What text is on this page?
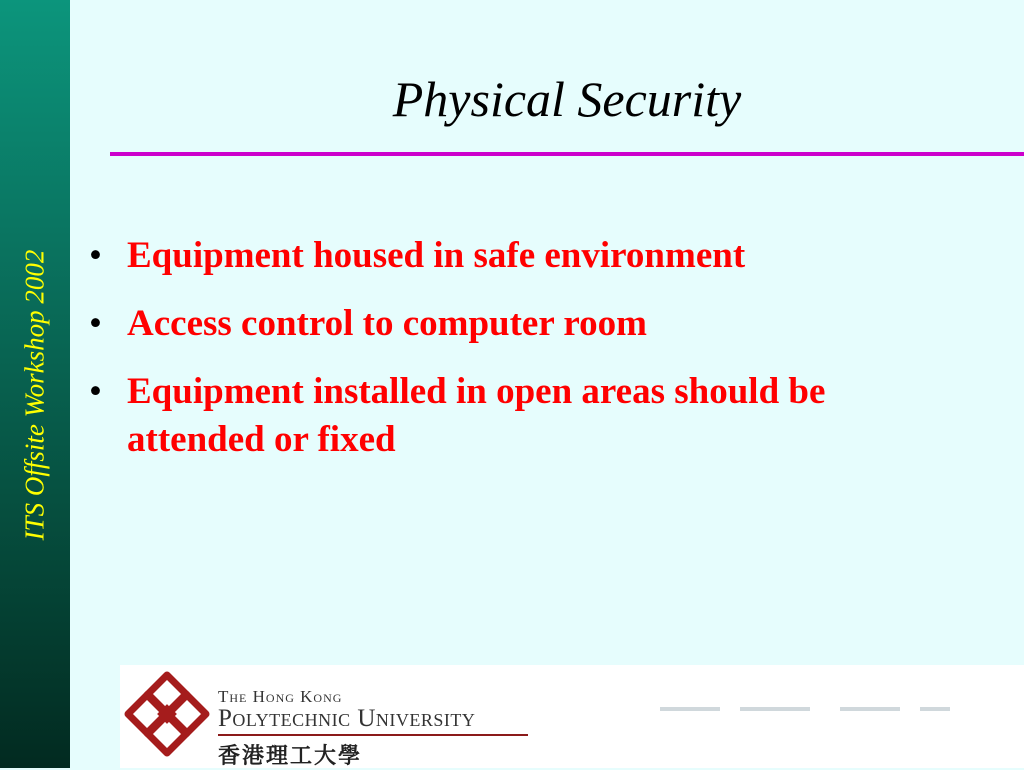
ITS Offsite Workshop 2002
Physical Security
• Equipment housed in safe environment
• Access control to computer room
• Equipment installed in open areas should be attended or fixed
The Hong Kong
Polytechnic University
香港理工大學
